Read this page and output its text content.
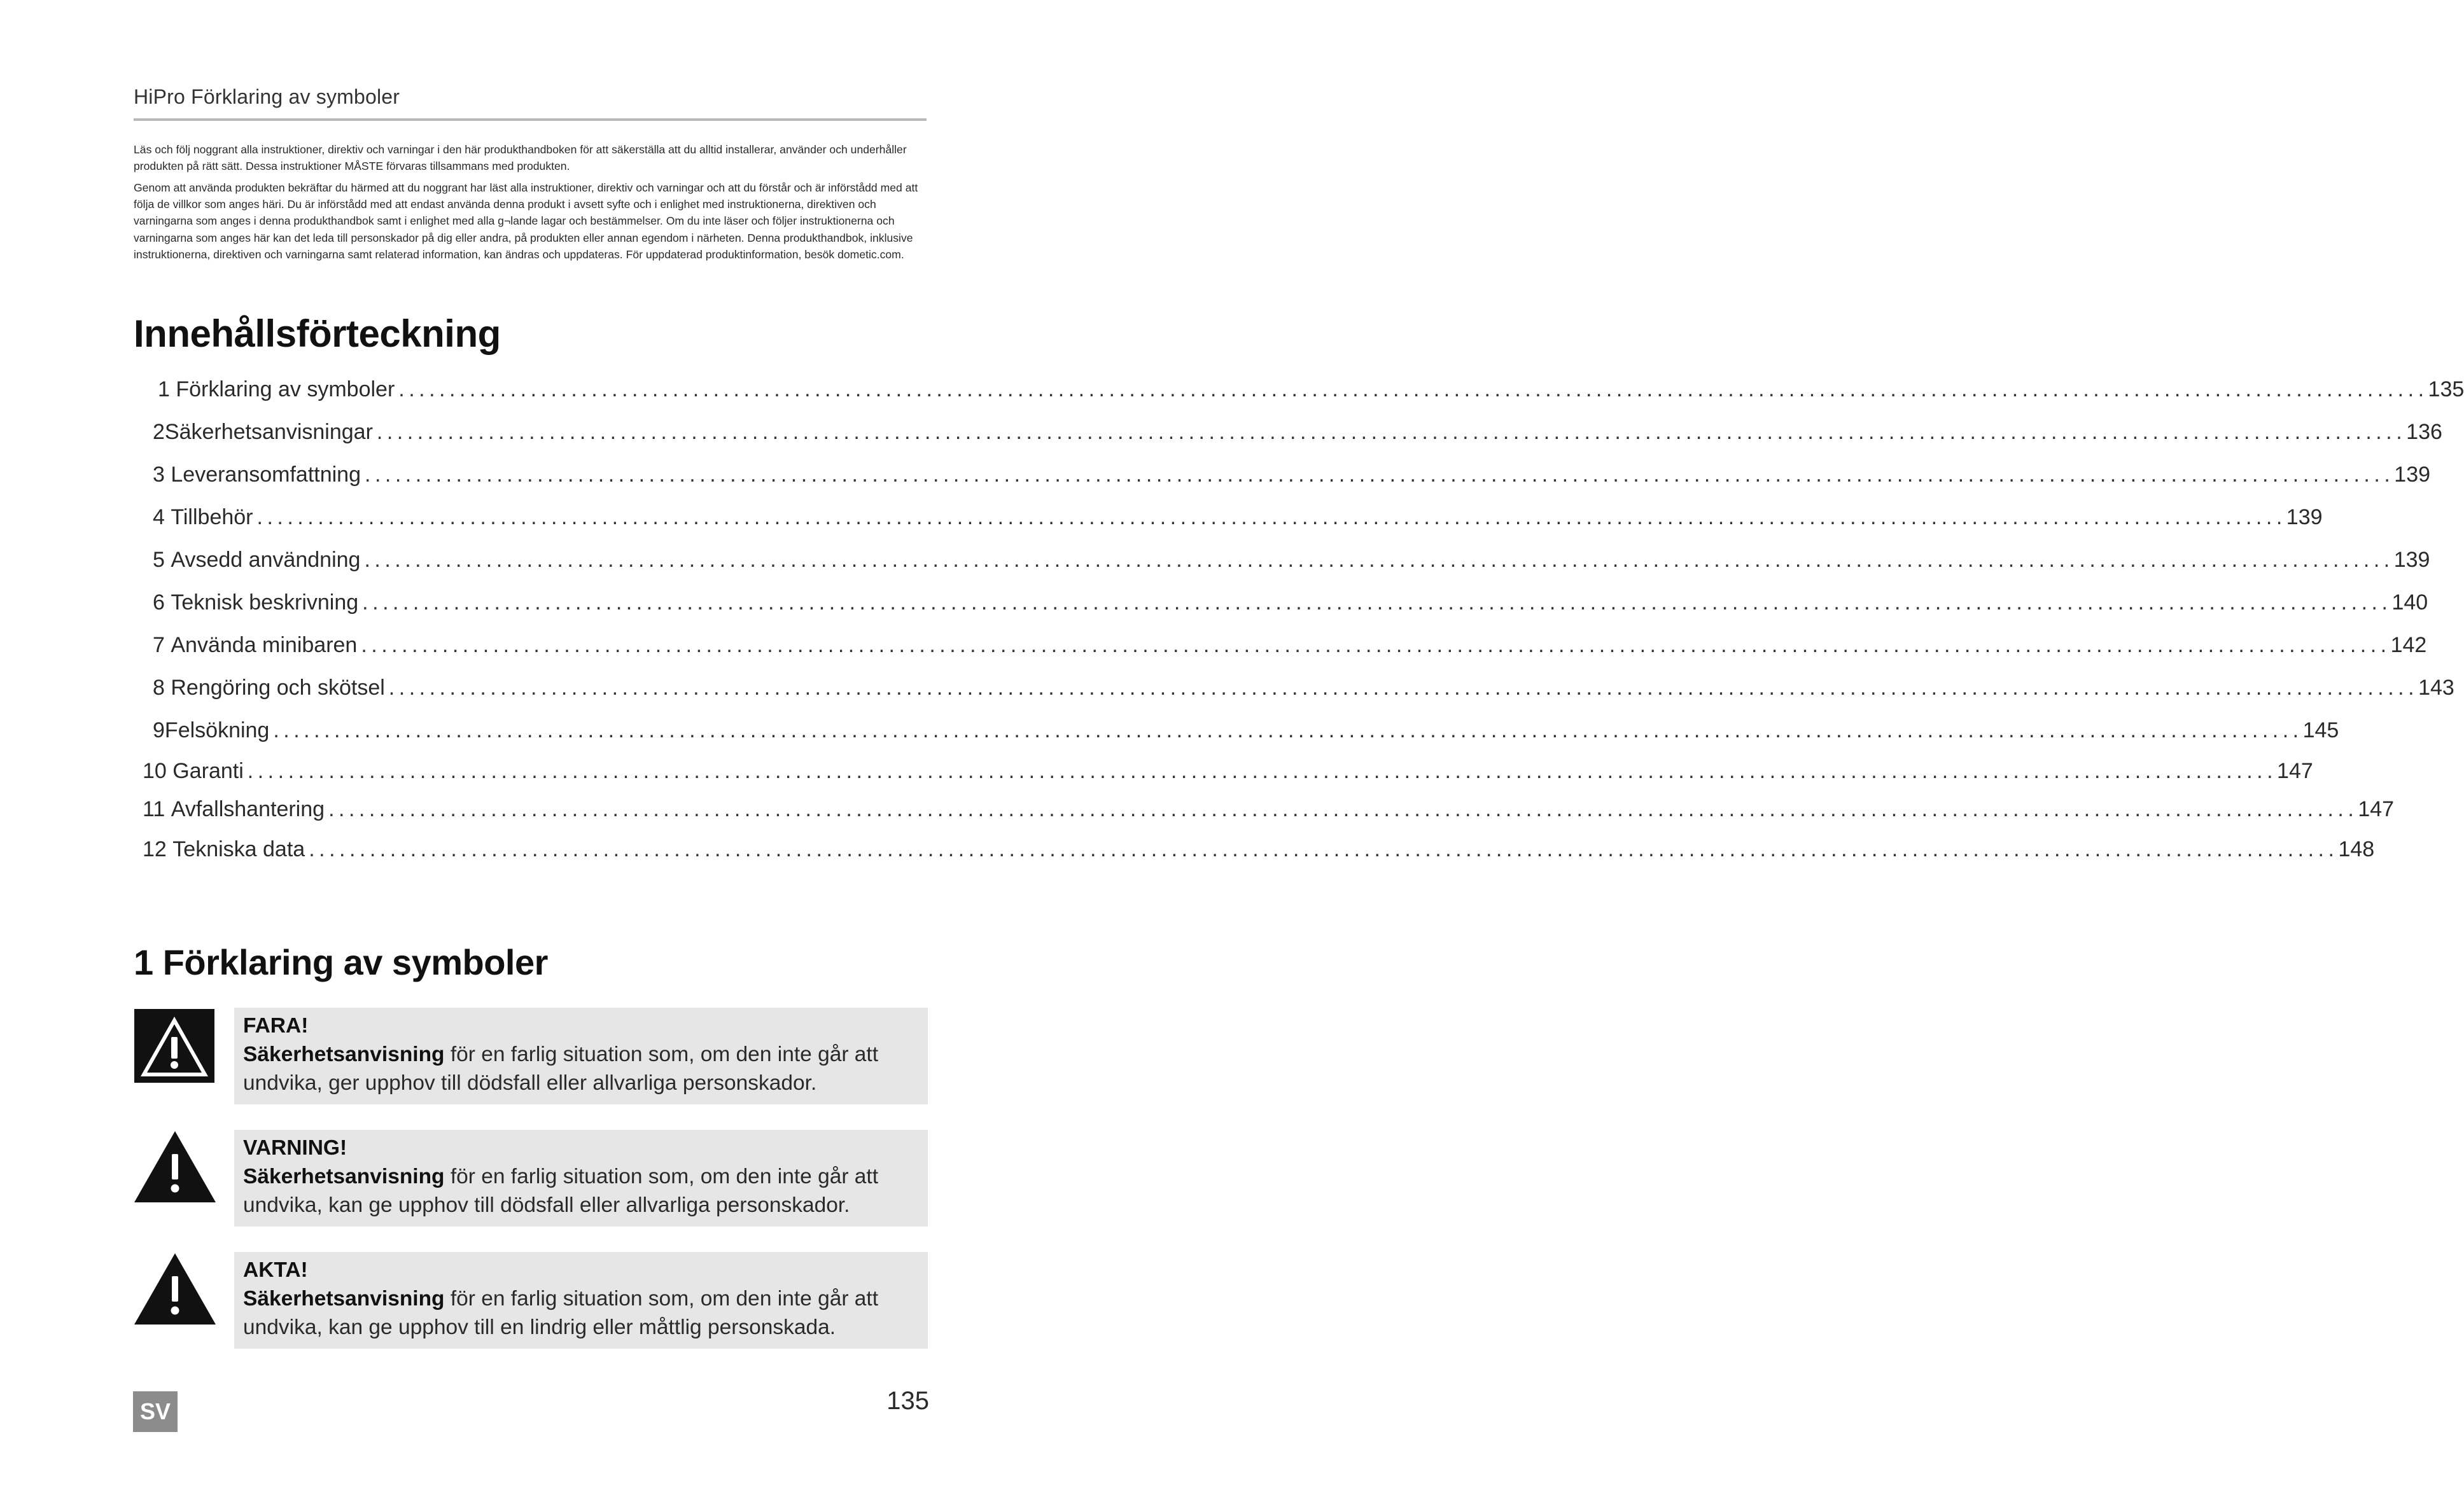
HiPro Förklaring av symboler
Läs och följ noggrant alla instruktioner, direktiv och varningar i den här produkthandboken för att säkerställa att du alltid installerar, använder och underhåller produkten på rätt sätt. Dessa instruktioner MÅSTE förvaras tillsammans med produkten.
Genom att använda produkten bekräftar du härmed att du noggrant har läst alla instruktioner, direktiv och varningar och att du förstår och är införstådd med att följa de villkor som anges häri. Du är införstådd med att endast använda denna produkt i avsett syfte och i enlighet med instruktionerna, direktiven och varningarna som anges i denna produkthandbok samt i enlighet med alla g¬lande lagar och bestämmelser. Om du inte läser och följer instruktionerna och varningarna som anges här kan det leda till personskador på dig eller andra, på produkten eller annan egendom i närheten. Denna produkthandbok, inklusive instruktionerna, direktiven och varningarna samt relaterad information, kan ändras och uppdateras. För uppdaterad produktinformation, besök dometic.com.
Innehållsförteckning
1
Förklaring av symboler ........................................................................................................................................................................................................ 135
2 Säkerhetsanvisningar ........................................................................................................................................................................................................ 136
3
Leveransomfattning ........................................................................................................................................................................................................ 139
4
Tillbehör ........................................................................................................................................................................................................ 139
5
Avsedd användning ........................................................................................................................................................................................................ 139
6
Teknisk beskrivning ........................................................................................................................................................................................................ 140
7
Använda minibaren ........................................................................................................................................................................................................ 142
8
Rengöring och skötsel ........................................................................................................................................................................................................ 143
9 Felsökning ........................................................................................................................................................................................................ 145
10
Garanti ........................................................................................................................................................................................................ 147
11
Avfallshantering ........................................................................................................................................................................................................ 147
12
Tekniska data ........................................................................................................................................................................................................ 148
1 Förklaring av symboler
FARA!
Säkerhetsanvisning för en farlig situation som, om den inte går att undvika, ger upphov till dödsfall eller allvarliga personskador.
VARNING!
Säkerhetsanvisning för en farlig situation som, om den inte går att undvika, kan ge upphov till dödsfall eller allvarliga personskador.
AKTA!
Säkerhetsanvisning för en farlig situation som, om den inte går att undvika, kan ge upphov till en lindrig eller måttlig personskada.
SV	135
